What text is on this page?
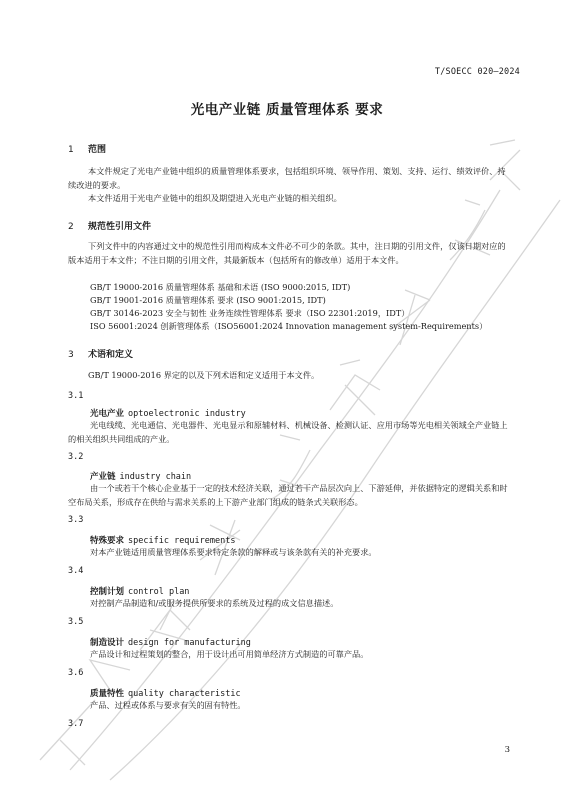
T/SOECC 020—2024
光电产业链 质量管理体系 要求
1 范围
本文件规定了光电产业链中组织的质量管理体系要求，包括组织环境、领导作用、策划、支持、运行、绩效评价、持续改进的要求。
本文件适用于光电产业链中的组织及期望进入光电产业链的相关组织。
2 规范性引用文件
下列文件中的内容通过文中的规范性引用而构成本文件必不可少的条款。其中，注日期的引用文件，仅该日期对应的版本适用于本文件；不注日期的引用文件，其最新版本（包括所有的修改单）适用于本文件。
GB/T 19000-2016 质量管理体系 基础和术语 (ISO 9000:2015, IDT)
GB/T 19001-2016 质量管理体系 要求 (ISO 9001:2015, IDT)
GB/T 30146-2023 安全与韧性 业务连续性管理体系 要求（ISO 22301:2019，IDT）
ISO 56001:2024 创新管理体系（ISO56001:2024 Innovation management system-Requirements）
3 术语和定义
GB/T 19000-2016 界定的以及下列术语和定义适用于本文件。
3.1
光电产业 optoelectronic industry
光电线缆、光电通信、光电器件、光电显示和原辅材料、机械设备、检测认证、应用市场等光电相关领域全产业链上的相关组织共同组成的产业。
3.2
产业链 industry chain
由一个或若干个核心企业基于一定的技术经济关联，通过若干产品层次向上、下游延伸，并依据特定的逻辑关系和时空布局关系，形成存在供给与需求关系的上下游产业部门组成的链条式关联形态。
3.3
特殊要求 specific requirements
对本产业链适用质量管理体系要求特定条款的解释或与该条款有关的补充要求。
3.4
控制计划 control plan
对控制产品制造和/或服务提供所要求的系统及过程的成文信息描述。
3.5
制造设计 design for manufacturing
产品设计和过程策划的整合，用于设计出可用简单经济方式制造的可靠产品。
3.6
质量特性 quality characteristic
产品、过程或体系与要求有关的固有特性。
3.7
3
